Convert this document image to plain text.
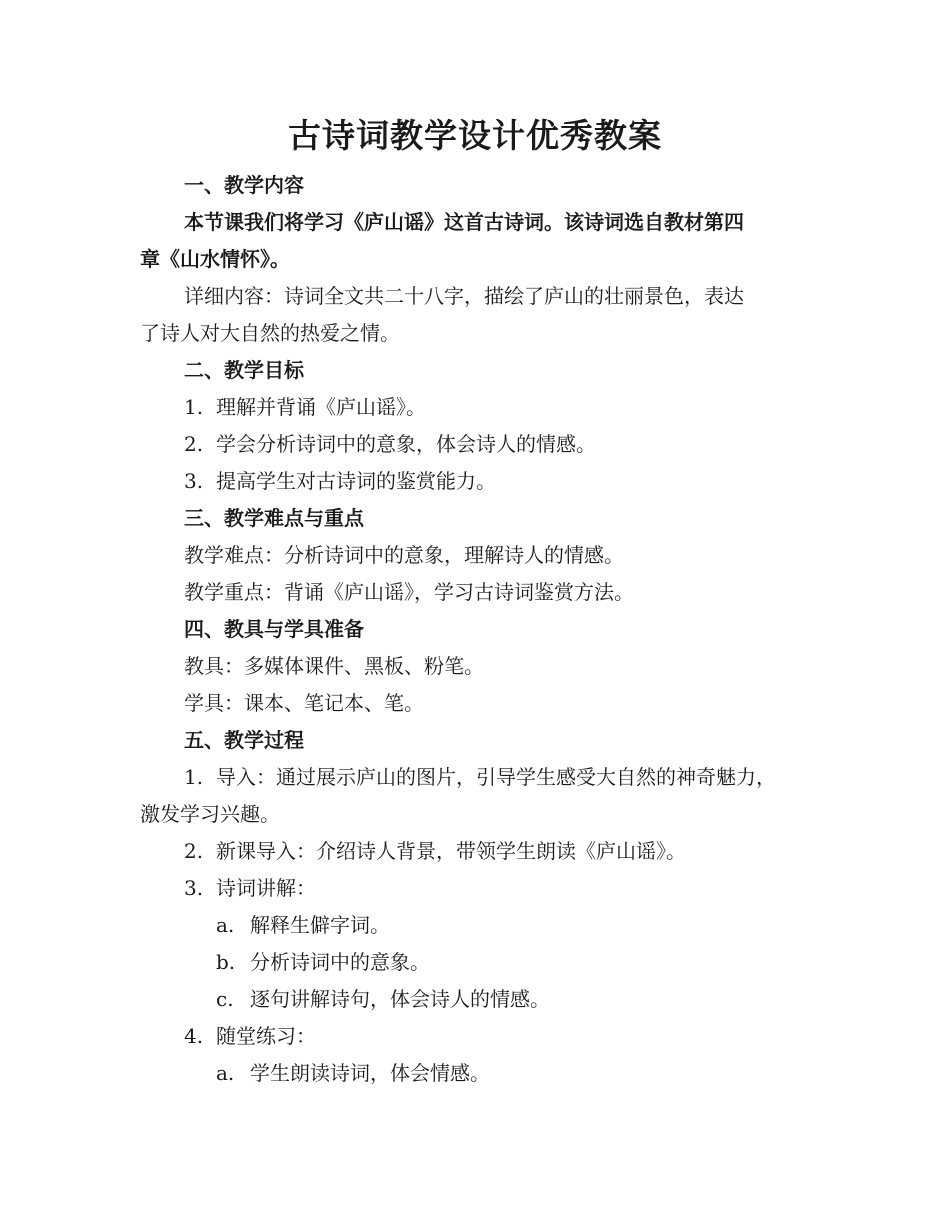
古诗词教学设计优秀教案

一、教学内容

本节课我们将学习《庐山谣》这首古诗词。该诗词选自教材第四

章《山水情怀》。

详细内容：诗词全文共二十八字，描绘了庐山的壮丽景色，表达

了诗人对大自然的热爱之情。

二、教学目标

1. 理解并背诵《庐山谣》。

2. 学会分析诗词中的意象，体会诗人的情感。

3. 提高学生对古诗词的鉴赏能力。

三、教学难点与重点

教学难点：分析诗词中的意象，理解诗人的情感。

教学重点：背诵《庐山谣》，学习古诗词鉴赏方法。

四、教具与学具准备

教具：多媒体课件、黑板、粉笔。

学具：课本、笔记本、笔。

五、教学过程

1. 导入：通过展示庐山的图片，引导学生感受大自然的神奇魅力，

激发学习兴趣。

2. 新课导入：介绍诗人背景，带领学生朗读《庐山谣》。

3. 诗词讲解：

a. 解释生僻字词。

b. 分析诗词中的意象。

c. 逐句讲解诗句，体会诗人的情感。

4. 随堂练习：

a. 学生朗读诗词，体会情感。
